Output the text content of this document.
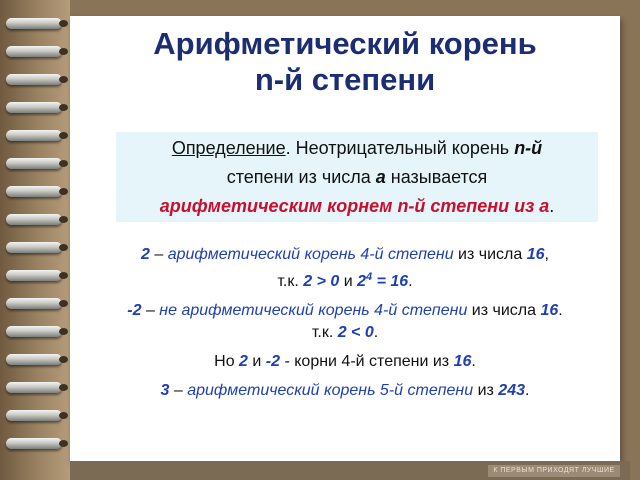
Арифметический корень
n-й степени
Определение. Неотрицательный корень n-й
степени из числа а называется
арифметическим корнем n-й степени из а.

2 – арифметический корень 4-й степени из числа 16,

т.к. 2 > 0 и $2^4 = 16$.

-2 – не арифметический корень 4-й степени из числа 16.

т.к. 2 < 0.

Но 2 и -2 - корни 4-й степени из 16.

3 – арифметический корень 5-й степени из 243.

К ПЕРВЫМ ПРИХОДЯТ ЛУЧШИЕ
